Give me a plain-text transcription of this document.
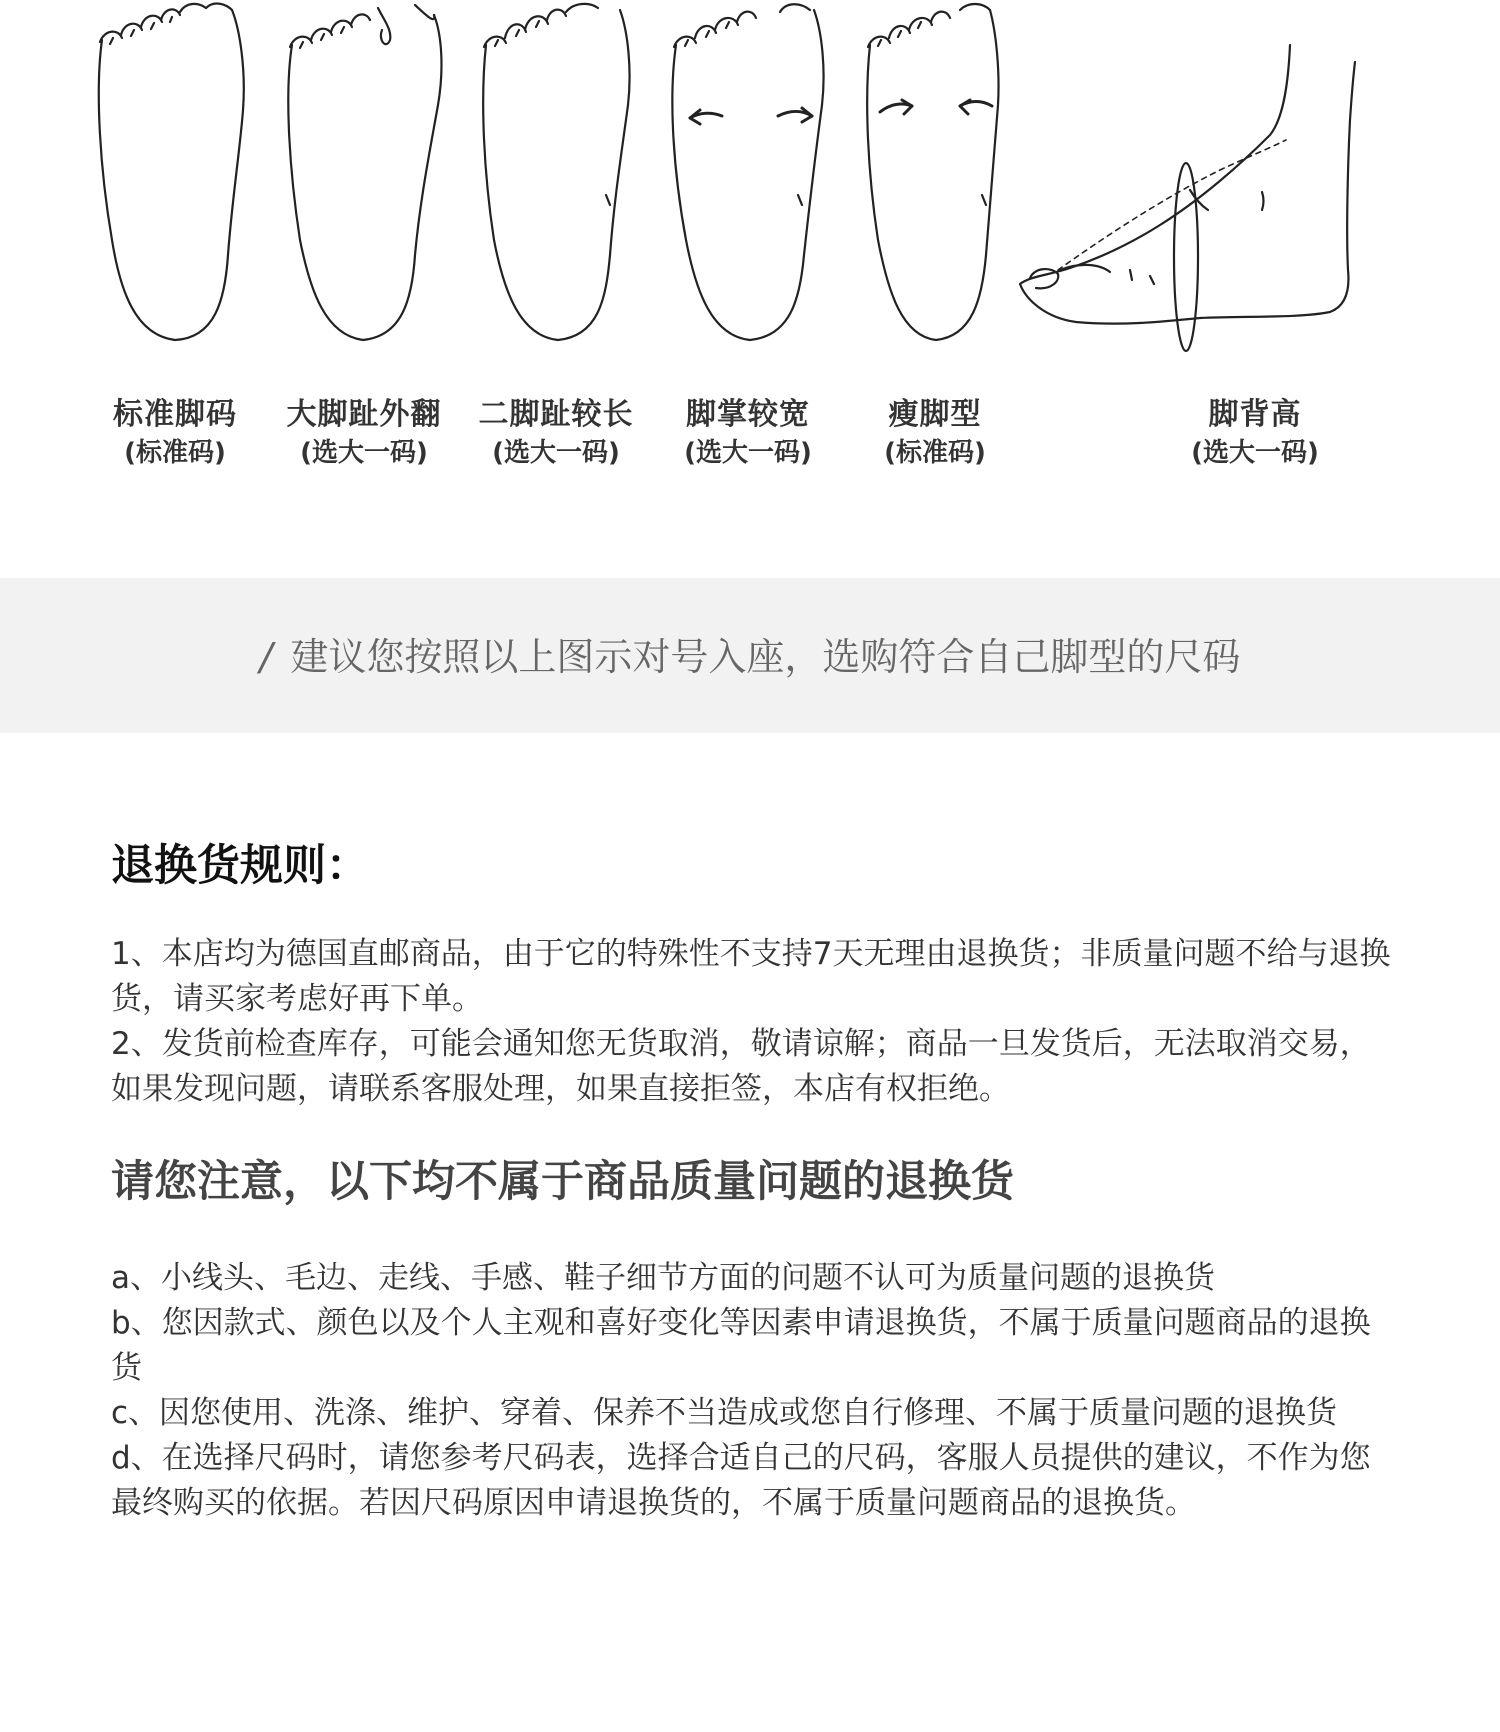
标准脚码
(标准码)
大脚趾外翻
(选大一码)
二脚趾较长
(选大一码)
脚掌较宽
(选大一码)
瘦脚型
(标准码)
脚背高
(选大一码)
/ 建议您按照以上图示对号入座，选购符合自己脚型的尺码
退换货规则：

1、本店均为德国直邮商品，由于它的特殊性不支持7天无理由退换货；非质量问题不给与退换货，请买家考虑好再下单。

2、发货前检查库存，可能会通知您无货取消，敬请谅解；商品一旦发货后，无法取消交易，如果发现问题，请联系客服处理，如果直接拒签，本店有权拒绝。

请您注意，以下均不属于商品质量问题的退换货

a、小线头、毛边、走线、手感、鞋子细节方面的问题不认可为质量问题的退换货

b、您因款式、颜色以及个人主观和喜好变化等因素申请退换货，不属于质量问题商品的退换货

c、因您使用、洗涤、维护、穿着、保养不当造成或您自行修理、不属于质量问题的退换货

d、在选择尺码时，请您参考尺码表，选择合适自己的尺码，客服人员提供的建议，不作为您最终购买的依据。若因尺码原因申请退换货的，不属于质量问题商品的退换货。
